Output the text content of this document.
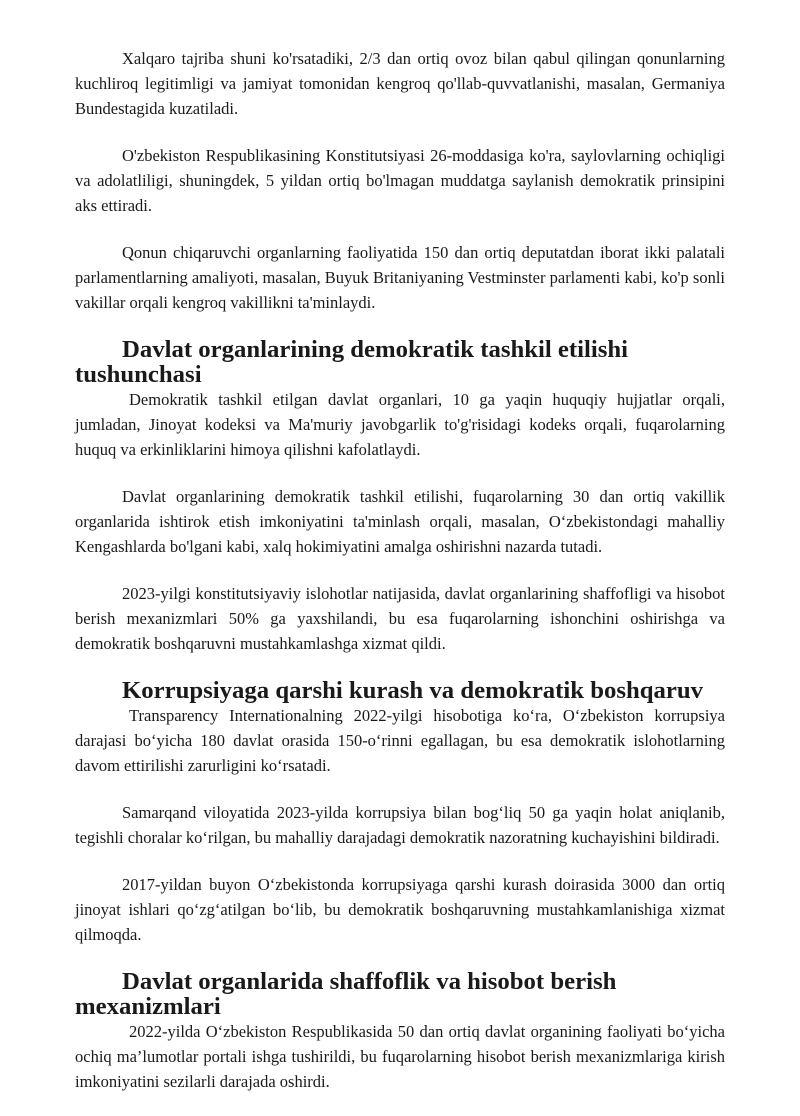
Xalqaro tajriba shuni ko'rsatadiki, 2/3 dan ortiq ovoz bilan qabul qilingan qonunlarning kuchliroq legitimligi va jamiyat tomonidan kengroq qo'llab-quvvatlanishi, masalan, Germaniya Bundestagida kuzatiladi.

O'zbekiston Respublikasining Konstitutsiyasi 26-moddasiga ko'ra, saylovlarning ochiqligi va adolatliligi, shuningdek, 5 yildan ortiq bo'lmagan muddatga saylanish demokratik prinsipini aks ettiradi.

Qonun chiqaruvchi organlarning faoliyatida 150 dan ortiq deputatdan iborat ikki palatali parlamentlarning amaliyoti, masalan, Buyuk Britaniyaning Vestminster parlamenti kabi, ko'p sonli vakillar orqali kengroq vakillikni ta'minlaydi.

Davlat organlarining demokratik tashkil etilishi tushunchasi

Demokratik tashkil etilgan davlat organlari, 10 ga yaqin huquqiy hujjatlar orqali, jumladan, Jinoyat kodeksi va Ma'muriy javobgarlik to'g'risidagi kodeks orqali, fuqarolarning huquq va erkinliklarini himoya qilishni kafolatlaydi.

Davlat organlarining demokratik tashkil etilishi, fuqarolarning 30 dan ortiq vakillik organlarida ishtirok etish imkoniyatini ta'minlash orqali, masalan, O‘zbekistondagi mahalliy Kengashlarda bo'lgani kabi, xalq hokimiyatini amalga oshirishni nazarda tutadi.

2023-yilgi konstitutsiyaviy islohotlar natijasida, davlat organlarining shaffofligi va hisobot berish mexanizmlari 50% ga yaxshilandi, bu esa fuqarolarning ishonchini oshirishga va demokratik boshqaruvni mustahkamlashga xizmat qildi.

Korrupsiyaga qarshi kurash va demokratik boshqaruv

Transparency Internationalning 2022-yilgi hisobotiga ko‘ra, O‘zbekiston korrupsiya darajasi bo‘yicha 180 davlat orasida 150-o‘rinni egallagan, bu esa demokratik islohotlarning davom ettirilishi zarurligini ko‘rsatadi.

Samarqand viloyatida 2023-yilda korrupsiya bilan bog‘liq 50 ga yaqin holat aniqlanib, tegishli choralar ko‘rilgan, bu mahalliy darajadagi demokratik nazoratning kuchayishini bildiradi.

2017-yildan buyon O‘zbekistonda korrupsiyaga qarshi kurash doirasida 3000 dan ortiq jinoyat ishlari qo‘zg‘atilgan bo‘lib, bu demokratik boshqaruvning mustahkamlanishiga xizmat qilmoqda.

Davlat organlarida shaffoflik va hisobot berish mexanizmlari

2022-yilda O‘zbekiston Respublikasida 50 dan ortiq davlat organining faoliyati bo‘yicha ochiq ma’lumotlar portali ishga tushirildi, bu fuqarolarning hisobot berish mexanizmlariga kirish imkoniyatini sezilarli darajada oshirdi.
